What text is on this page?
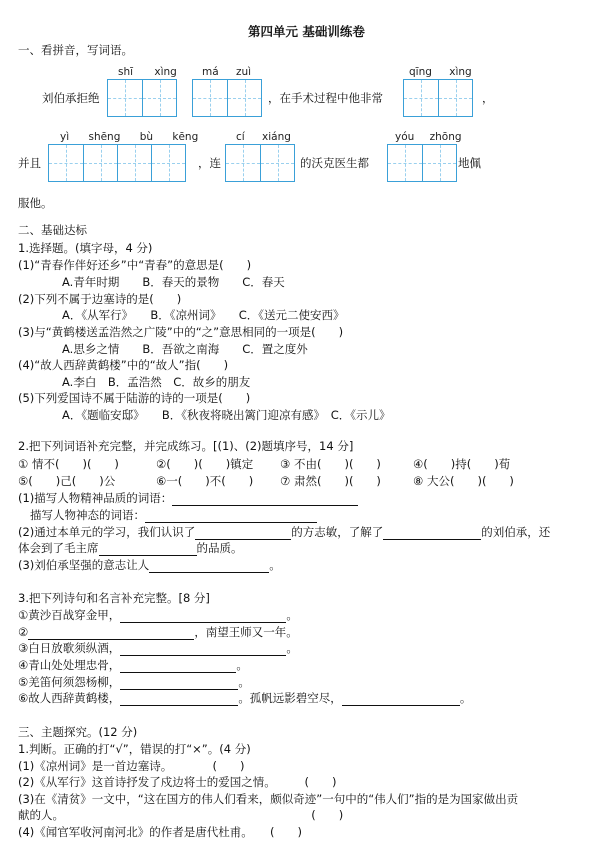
第四单元 基础训练卷
一、看拼音，写词语。
shī xìng má zuì	qīng xìng
刘伯承拒绝	，在手术过程中他非常	，
yì shēng bù kēng	cí xiáng	yóu zhōng
并且	，连	的沃克医生都	地佩
服他。
二、基础达标
1.选择题。(填字母，4 分)
(1)“青春作伴好还乡”中“青春”的意思是(　　)
A.青年时期　　B．春天的景物　　C．春天
(2)下列不属于边塞诗的是(　　)
A．《从军行》　　B．《凉州词》　　C．《送元二使安西》
(3)与“黄鹤楼送孟浩然之广陵”中的“之”意思相同的一项是(　　)
A.思乡之情　　B．吾欲之南海　　C．置之度外
(4)“故人西辞黄鹤楼”中的“故人”指(　　)
A.李白　B．孟浩然　C．故乡的朋友
(5)下列爱国诗不属于陆游的诗的一项是(　　)
A．《题临安邸》　　B．《秋夜将晓出篱门迎凉有感》　C．《示儿》
2.把下列词语补充完整，并完成练习。[(1)、(2)题填序号，14 分]
① 情不(　　)(　　)	②(　　)(　　)镇定 ③ 不由(　　)(　　)	④(　　)持(　　)荀
⑤(　　)己(　　)公	⑥一(　　)不(　　) ⑦ 肃然(　　)(　　)	⑧ 大公(　　)(　　)
(1)描写人物精神品质的词语：
描写人物神态的词语：
(2)通过本单元的学习，我们认识了	的方志敏，了解了	的刘伯承，还
体会到了毛主席	的品质。
(3)刘伯承坚强的意志让人	。
3.把下列诗句和名言补充完整。[8 分]
①黄沙百战穿金甲，	。
②	，南望王师又一年。
③白日放歌须纵酒，	。
④青山处处埋忠骨，	。
⑤羌笛何须怨杨柳，	。
⑥故人西辞黄鹤楼，	。孤帆远影碧空尽，	。
三、主题探究。(12 分)
1.判断。正确的打“√”，错误的打“×”。(4 分)
(1)《凉州词》是一首边塞诗。　　　　(　　)
(2)《从军行》这首诗抒发了戍边将士的爱国之情。　　　(　　)
(3)在《清贫》一文中，“这在国方的伟人们看来，颇似奇迹”一句中的“伟人们”指的是为国家做出贡
献的人。　　　　　　　　　　　　　　　　　　　　　　(　　)
(4)《闻官军收河南河北》的作者是唐代杜甫。　　(　　)
